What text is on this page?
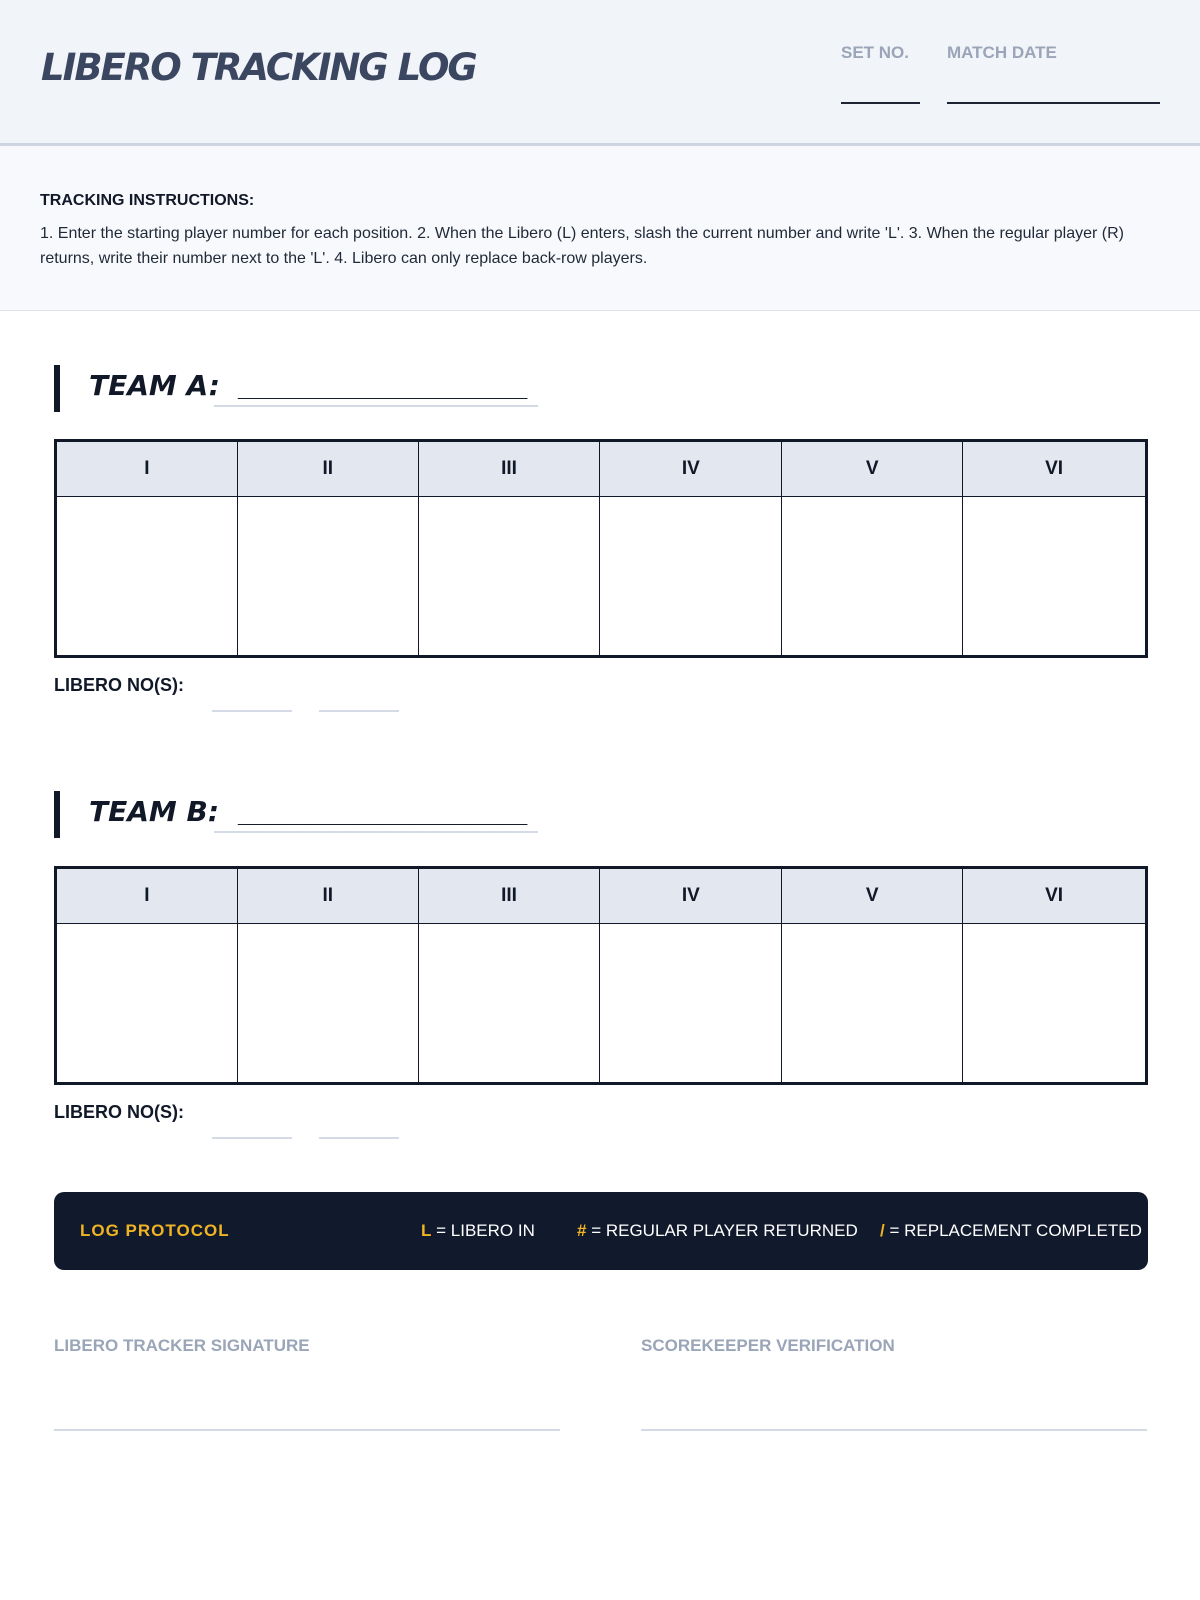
LIBERO TRACKING LOG	SET NO. MATCH DATE
TRACKING INSTRUCTIONS:
1. Enter the starting player number for each position. 2. When the Libero (L) enters, slash the current number and write 'L'. 3. When the regular player (R) returns, write their number next to the 'L'. 4. Libero can only replace back-row players.
TEAM A: ____________________
I	II	III	IV	V	VI

LIBERO NO(S):
TEAM B: ____________________
I	II	III	IV	V	VI

LIBERO NO(S):
LOG PROTOCOL	L = LIBERO IN # = REGULAR PLAYER RETURNED / = REPLACEMENT COMPLETED
LIBERO TRACKER SIGNATURE	SCOREKEEPER VERIFICATION
